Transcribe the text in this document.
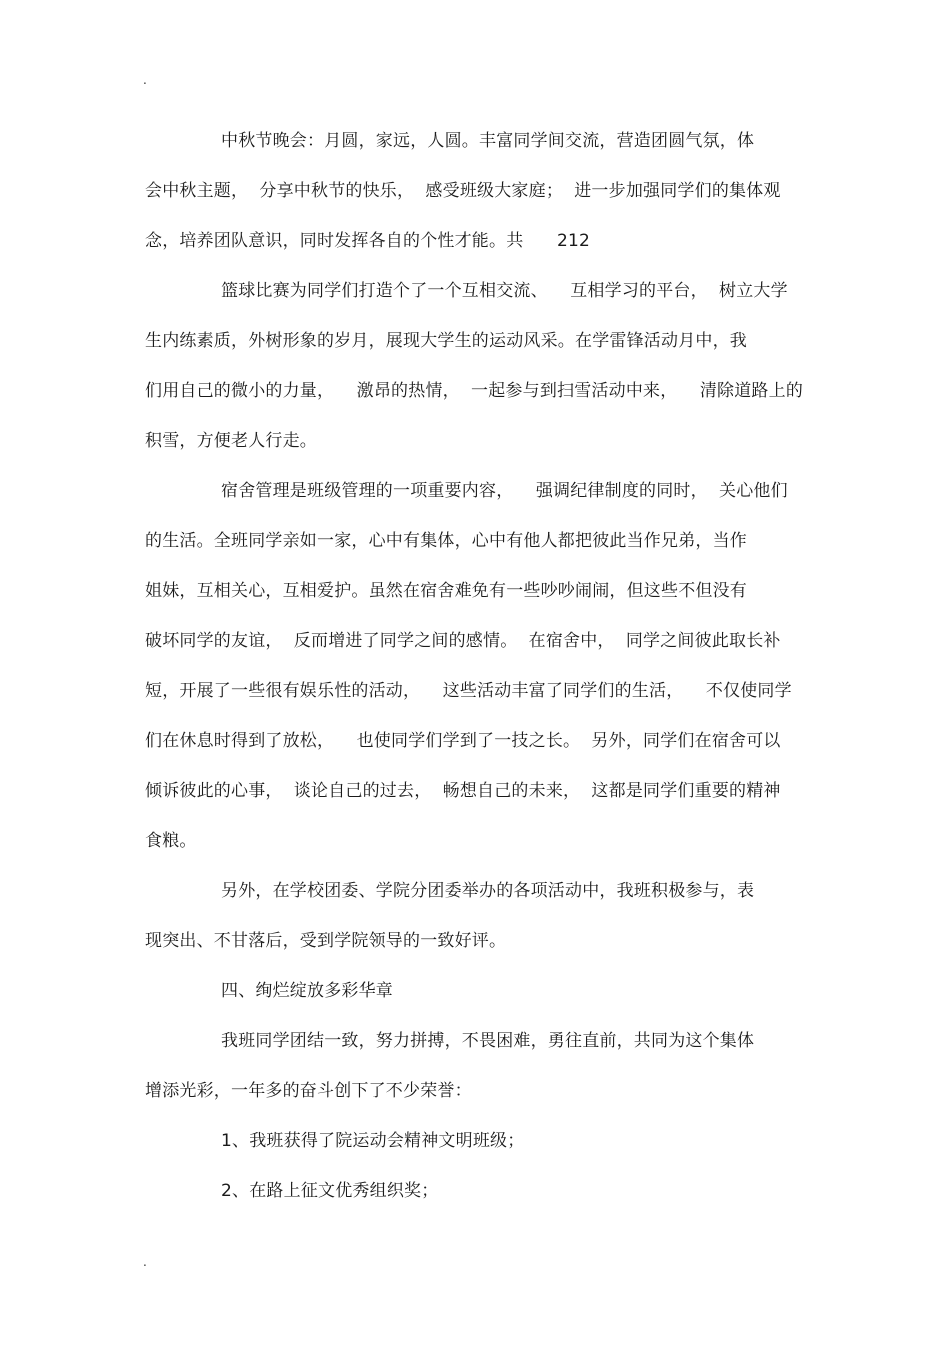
.
中秋节晚会：月圆，家远，人圆。丰富同学间交流，营造团圆气氛，体
会中秋主题，  分享中秋节的快乐，  感受班级大家庭；  进一步加强同学们的集体观
念，培养团队意识，同时发挥各自的个性才能。共      212
篮球比赛为同学们打造个了一个互相交流、    互相学习的平台，  树立大学
生内练素质，外树形象的岁月，展现大学生的运动风采。在学雷锋活动月中，我
们用自己的微小的力量，    激昂的热情，  一起参与到扫雪活动中来，    清除道路上的
积雪，方便老人行走。
宿舍管理是班级管理的一项重要内容，    强调纪律制度的同时，  关心他们
的生活。全班同学亲如一家，心中有集体，心中有他人都把彼此当作兄弟，当作
姐妹，互相关心，互相爱护。虽然在宿舍难免有一些吵吵闹闹，但这些不但没有
破坏同学的友谊，  反而增进了同学之间的感情。  在宿舍中，  同学之间彼此取长补
短，开展了一些很有娱乐性的活动，    这些活动丰富了同学们的生活，    不仅使同学
们在休息时得到了放松，    也使同学们学到了一技之长。  另外，同学们在宿舍可以
倾诉彼此的心事，  谈论自己的过去，  畅想自己的未来，  这都是同学们重要的精神
食粮。
另外，在学校团委、学院分团委举办的各项活动中，我班积极参与，表
现突出、不甘落后，受到学院领导的一致好评。
四、绚烂绽放多彩华章
我班同学团结一致，努力拼搏，不畏困难，勇往直前，共同为这个集体
增添光彩，一年多的奋斗创下了不少荣誉：
1、我班获得了院运动会精神文明班级；
2、在路上征文优秀组织奖；
.
